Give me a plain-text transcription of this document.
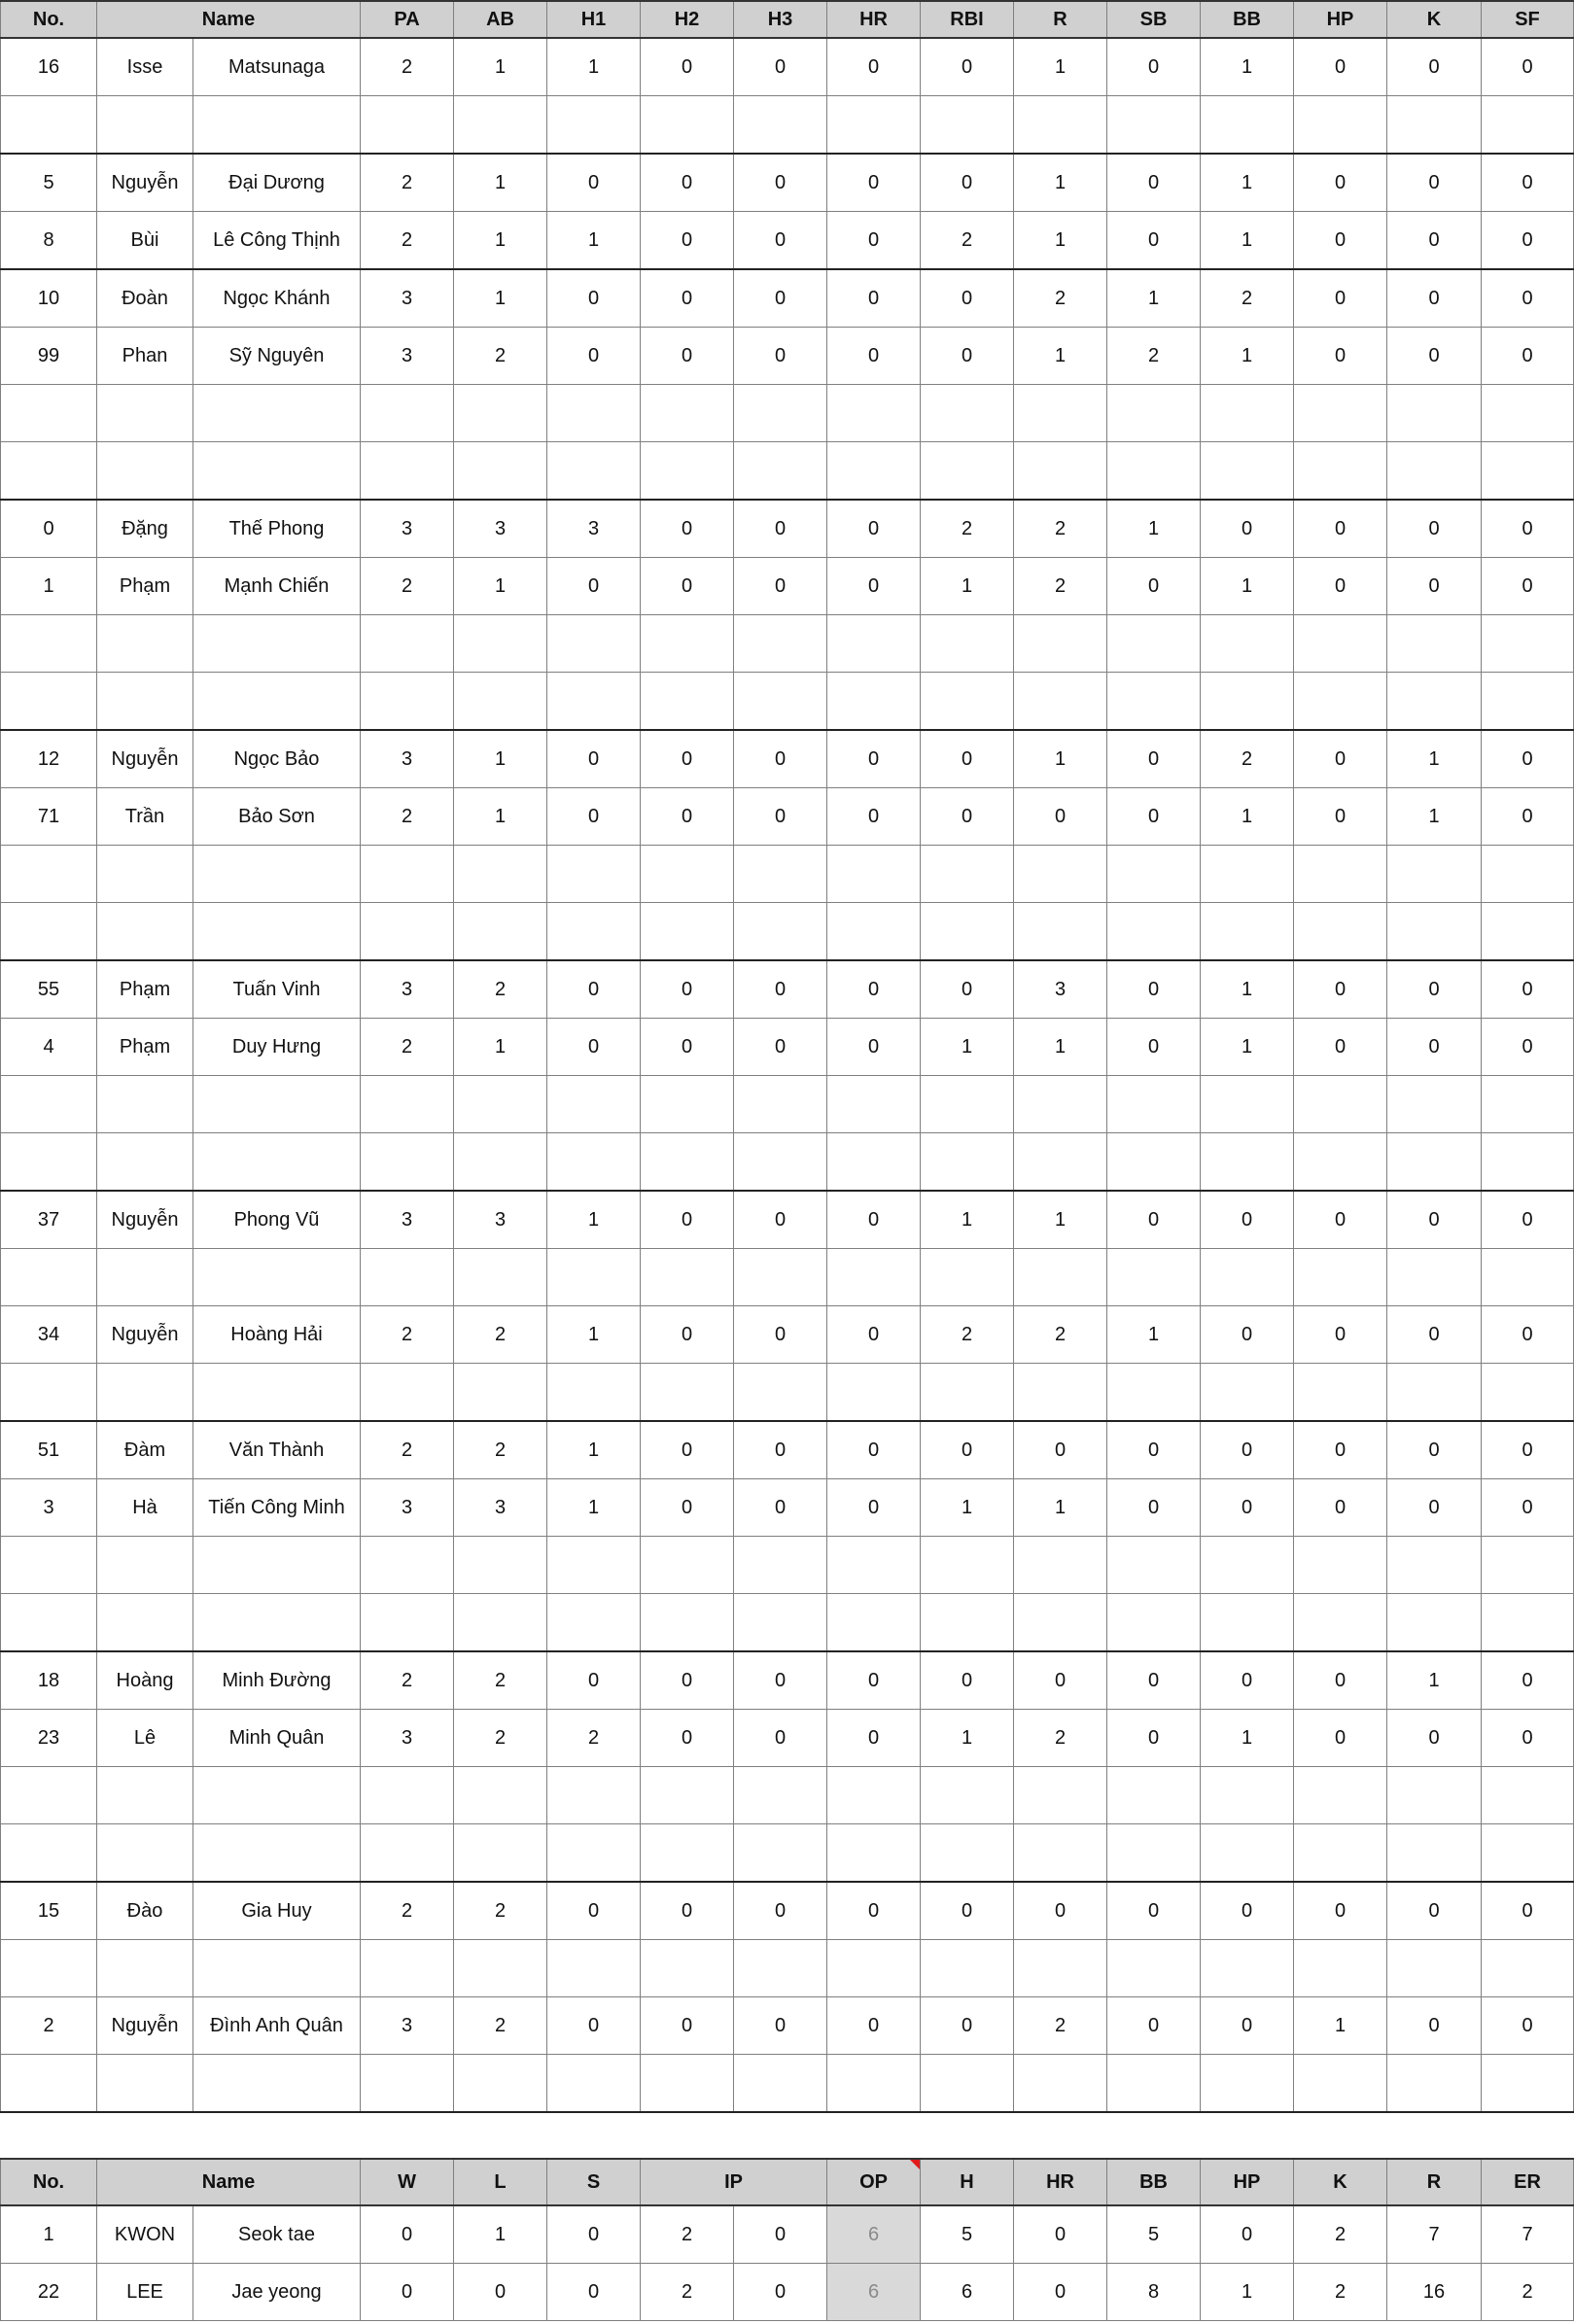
No.	Name		PA	AB	H1	H2	H3	HR	RBI	R	SB	BB	HP	K	SF
16	Isse	Matsunaga	2	1	1	0	0	0	0	1	0	1	0	0	0

5	Nguyễn	Đại Dương	2	1	0	0	0	0	0	1	0	1	0	0	0
8	Bùi	Lê Công Thịnh	2	1	1	0	0	0	2	1	0	1	0	0	0
10	Đoàn	Ngọc Khánh	3	1	0	0	0	0	0	2	1	2	0	0	0
99	Phan	Sỹ Nguyên	3	2	0	0	0	0	0	1	2	1	0	0	0

0	Đặng	Thế Phong	3	3	3	0	0	0	2	2	1	0	0	0	0
1	Phạm	Mạnh Chiến	2	1	0	0	0	0	1	2	0	1	0	0	0

12	Nguyễn	Ngọc Bảo	3	1	0	0	0	0	0	1	0	2	0	1	0
71	Trần	Bảo Sơn	2	1	0	0	0	0	0	0	0	1	0	1	0

55	Phạm	Tuấn Vinh	3	2	0	0	0	0	0	3	0	1	0	0	0
4	Phạm	Duy Hưng	2	1	0	0	0	0	1	1	0	1	0	0	0

37	Nguyễn	Phong Vũ	3	3	1	0	0	0	1	1	0	0	0	0	0

34	Nguyễn	Hoàng Hải	2	2	1	0	0	0	2	2	1	0	0	0	0

51	Đàm	Văn Thành	2	2	1	0	0	0	0	0	0	0	0	0	0
3	Hà	Tiến Công Minh	3	3	1	0	0	0	1	1	0	0	0	0	0

18	Hoàng	Minh Đường	2	2	0	0	0	0	0	0	0	0	0	1	0
23	Lê	Minh Quân	3	2	2	0	0	0	1	2	0	1	0	0	0

15	Đào	Gia Huy	2	2	0	0	0	0	0	0	0	0	0	0	0

2	Nguyễn	Đình Anh Quân	3	2	0	0	0	0	0	2	0	0	1	0	0

No.	Name		W	L	S	IP		OP	H	HR	BB	HP	K	R	ER
1	KWON	Seok tae	0	1	0	2	0	6	5	0	5	0	2	7	7
22	LEE	Jae yeong	0	0	0	2	0	6	6	0	8	1	2	16	2
